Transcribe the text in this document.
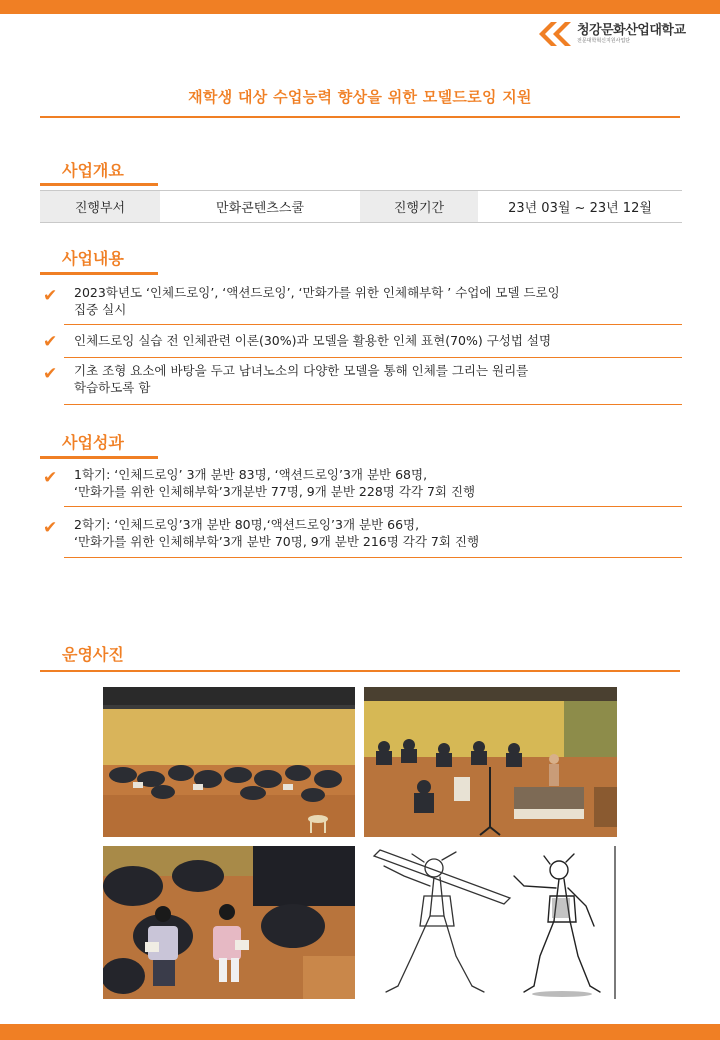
청강문화산업대학교
전문대학혁신지원사업단
재학생 대상 수업능력 향상을 위한 모델드로잉 지원
사업개요
진행부서	만화콘텐츠스쿨	진행기간	23년 03월 ~ 23년 12월
사업내용
✔ 2023학년도 ‘인체드로잉’, ‘액션드로잉’, ‘만화가를 위한 인체해부학 ’ 수업에 모델 드로잉
집중 실시
✔ 인체드로잉 실습 전 인체관련 이론(30%)과 모델을 활용한 인체 표현(70%) 구성법 설명
✔ 기초 조형 요소에 바탕을 두고 남녀노소의 다양한 모델을 통해 인체를 그리는 원리를
학습하도록 함
사업성과
✔ 1학기: ‘인체드로잉’ 3개 분반 83명, ‘액션드로잉’3개 분반 68명,
‘만화가를 위한 인체해부학’3개분반 77명, 9개 분반 228명 각각 7회 진행
✔ 2학기: ‘인체드로잉’3개 분반 80명,‘액션드로잉’3개 분반 66명,
‘만화가를 위한 인체해부학’3개 분반 70명, 9개 분반 216명 각각 7회 진행
운영사진
